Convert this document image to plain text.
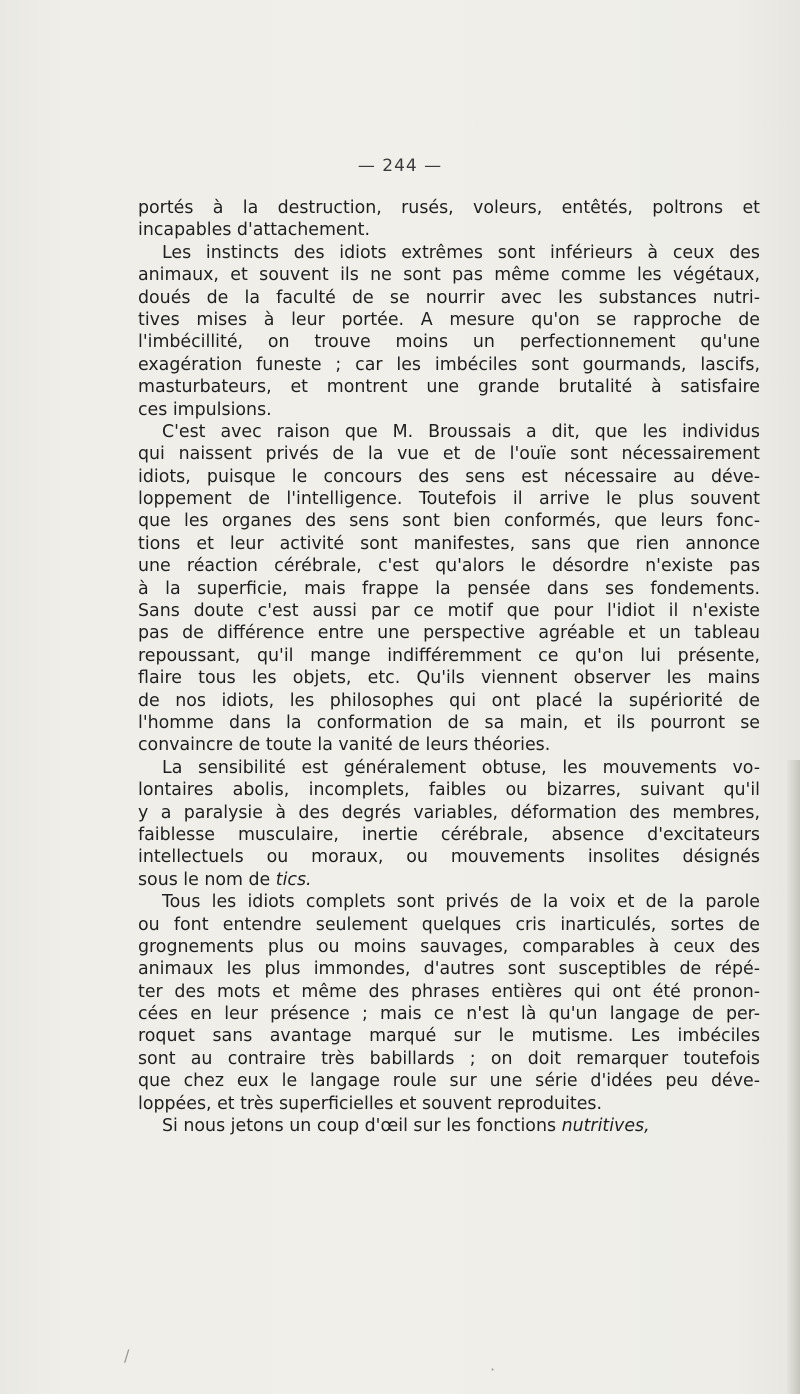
— 244 —
portés à la destruction, rusés, voleurs, entêtés, poltrons et
incapables d'attachement.
Les instincts des idiots extrêmes sont inférieurs à ceux des
animaux, et souvent ils ne sont pas même comme les végétaux,
doués de la faculté de se nourrir avec les substances nutri-
tives mises à leur portée. A mesure qu'on se rapproche de
l'imbécillité, on trouve moins un perfectionnement qu'une
exagération funeste ; car les imbéciles sont gourmands, lascifs,
masturbateurs, et montrent une grande brutalité à satisfaire
ces impulsions.
C'est avec raison que M. Broussais a dit, que les individus
qui naissent privés de la vue et de l'ouïe sont nécessairement
idiots, puisque le concours des sens est nécessaire au déve-
loppement de l'intelligence. Toutefois il arrive le plus souvent
que les organes des sens sont bien conformés, que leurs fonc-
tions et leur activité sont manifestes, sans que rien annonce
une réaction cérébrale, c'est qu'alors le désordre n'existe pas
à la superficie, mais frappe la pensée dans ses fondements.
Sans doute c'est aussi par ce motif que pour l'idiot il n'existe
pas de différence entre une perspective agréable et un tableau
repoussant, qu'il mange indifféremment ce qu'on lui présente,
flaire tous les objets, etc. Qu'ils viennent observer les mains
de nos idiots, les philosophes qui ont placé la supériorité de
l'homme dans la conformation de sa main, et ils pourront se
convaincre de toute la vanité de leurs théories.
La sensibilité est généralement obtuse, les mouvements vo-
lontaires abolis, incomplets, faibles ou bizarres, suivant qu'il
y a paralysie à des degrés variables, déformation des membres,
faiblesse musculaire, inertie cérébrale, absence d'excitateurs
intellectuels ou moraux, ou mouvements insolites désignés
sous le nom de tics.
Tous les idiots complets sont privés de la voix et de la parole
ou font entendre seulement quelques cris inarticulés, sortes de
grognements plus ou moins sauvages, comparables à ceux des
animaux les plus immondes, d'autres sont susceptibles de répé-
ter des mots et même des phrases entières qui ont été pronon-
cées en leur présence ; mais ce n'est là qu'un langage de per-
roquet sans avantage marqué sur le mutisme. Les imbéciles
sont au contraire très babillards ; on doit remarquer toutefois
que chez eux le langage roule sur une série d'idées peu déve-
loppées, et très superficielles et souvent reproduites.
Si nous jetons un coup d'œil sur les fonctions nutritives,
/
·
